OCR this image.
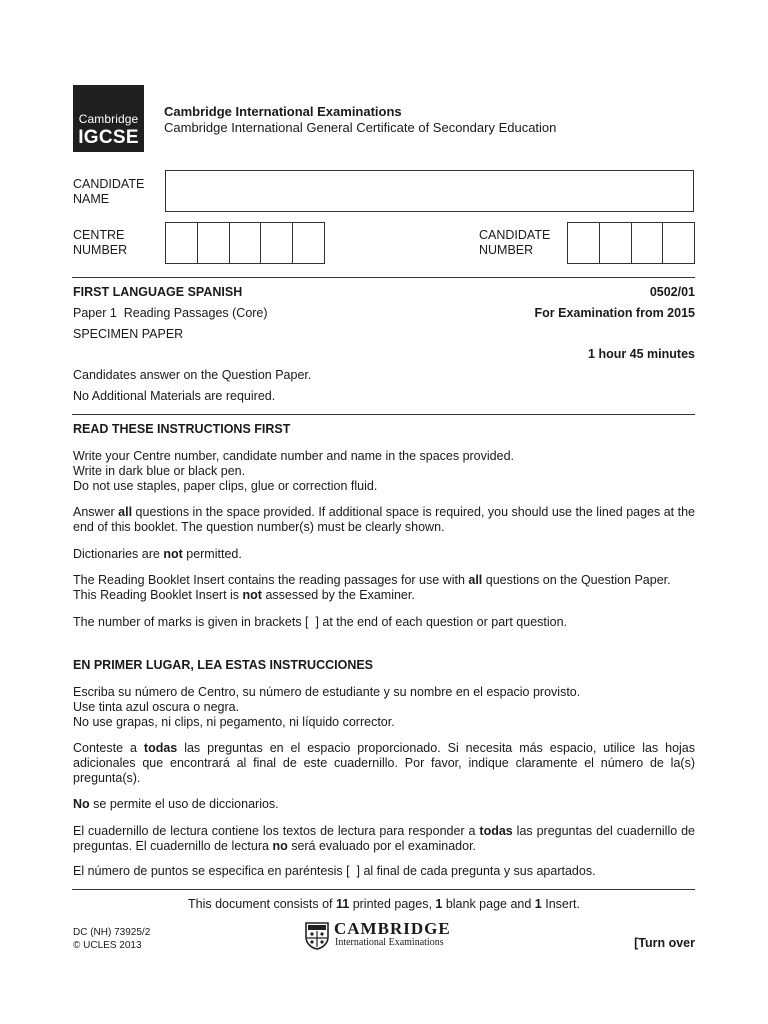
Cambridge
IGCSE
Cambridge International Examinations
Cambridge International General Certificate of Secondary Education
CANDIDATE
NAME
CENTRE
NUMBER
CANDIDATE
NUMBER
FIRST LANGUAGE SPANISH	0502/01
Paper 1  Reading Passages (Core)	For Examination from 2015
SPECIMEN PAPER
1 hour 45 minutes
Candidates answer on the Question Paper.
No Additional Materials are required.
READ THESE INSTRUCTIONS FIRST
Write your Centre number, candidate number and name in the spaces provided.
Write in dark blue or black pen.
Do not use staples, paper clips, glue or correction fluid.
Answer all questions in the space provided. If additional space is required, you should use the lined pages at the end of this booklet. The question number(s) must be clearly shown.
Dictionaries are not permitted.
The Reading Booklet Insert contains the reading passages for use with all questions on the Question Paper.
This Reading Booklet Insert is not assessed by the Examiner.
The number of marks is given in brackets [  ] at the end of each question or part question.
EN PRIMER LUGAR, LEA ESTAS INSTRUCCIONES
Escriba su número de Centro, su número de estudiante y su nombre en el espacio provisto.
Use tinta azul oscura o negra.
No use grapas, ni clips, ni pegamento, ni líquido corrector.
Conteste a todas las preguntas en el espacio proporcionado. Si necesita más espacio, utilice las hojas adicionales que encontrará al final de este cuadernillo. Por favor, indique claramente el número de la(s) pregunta(s).
No se permite el uso de diccionarios.
El cuadernillo de lectura contiene los textos de lectura para responder a todas las preguntas del cuadernillo de preguntas. El cuadernillo de lectura no será evaluado por el examinador.
El número de puntos se especifica en paréntesis [  ] al final de cada pregunta y sus apartados.
This document consists of 11 printed pages, 1 blank page and 1 Insert.
DC (NH) 73925/2
© UCLES 2013
CAMBRIDGE
International Examinations	[Turn over
